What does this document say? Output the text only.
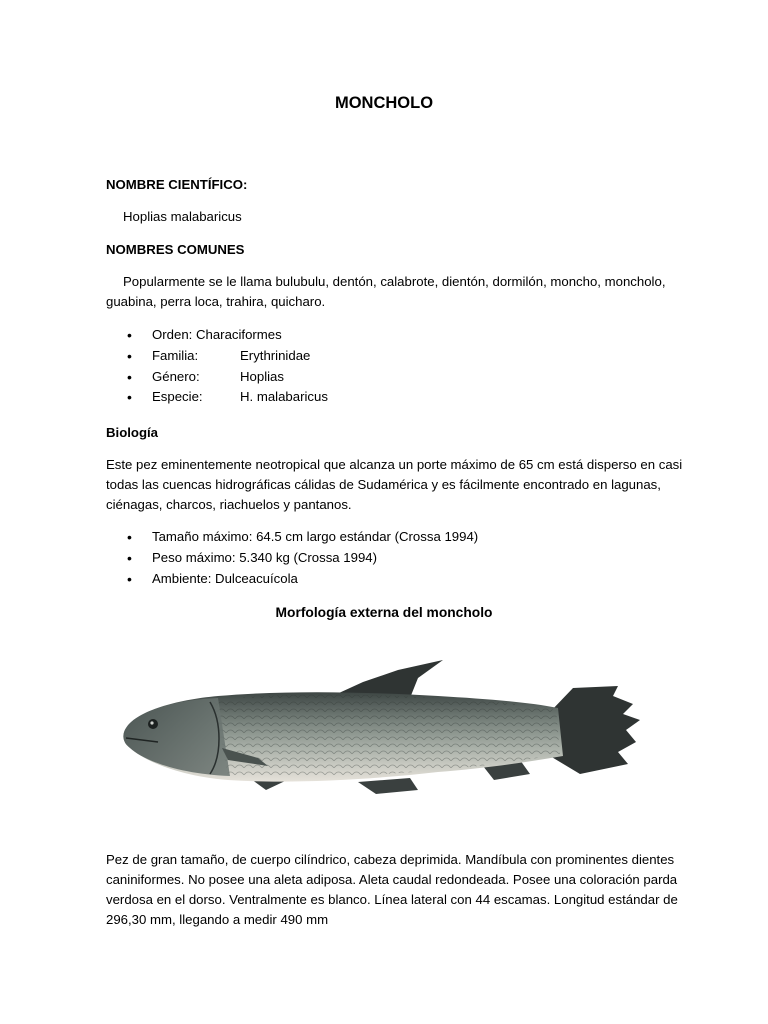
MONCHOLO
NOMBRE CIENTÍFICO:
Hoplias malabaricus
NOMBRES COMUNES
Popularmente se le llama bulubulu, dentón, calabrote, dientón, dormilón, moncho, moncholo,
guabina, perra loca, trahira, quicharo.
• Orden: Characiformes
• Familia:	Erythrinidae
• Género:	Hoplias
• Especie:	H. malabaricus
Biología
Este pez eminentemente neotropical que alcanza un porte máximo de 65 cm está disperso en casi
todas las cuencas hidrográficas cálidas de Sudamérica y es fácilmente encontrado en lagunas,
ciénagas, charcos, riachuelos y pantanos.
• Tamaño máximo: 64.5 cm largo estándar (Crossa 1994)
• Peso máximo: 5.340 kg (Crossa 1994)
• Ambiente: Dulceacuícola
Morfología externa del moncholo
Pez de gran tamaño, de cuerpo cilíndrico, cabeza deprimida. Mandíbula con prominentes dientes
caniniformes. No posee una aleta adiposa. Aleta caudal redondeada. Posee una coloración parda
verdosa en el dorso. Ventralmente es blanco. Línea lateral con 44 escamas. Longitud estándar de
296,30 mm, llegando a medir 490 mm
